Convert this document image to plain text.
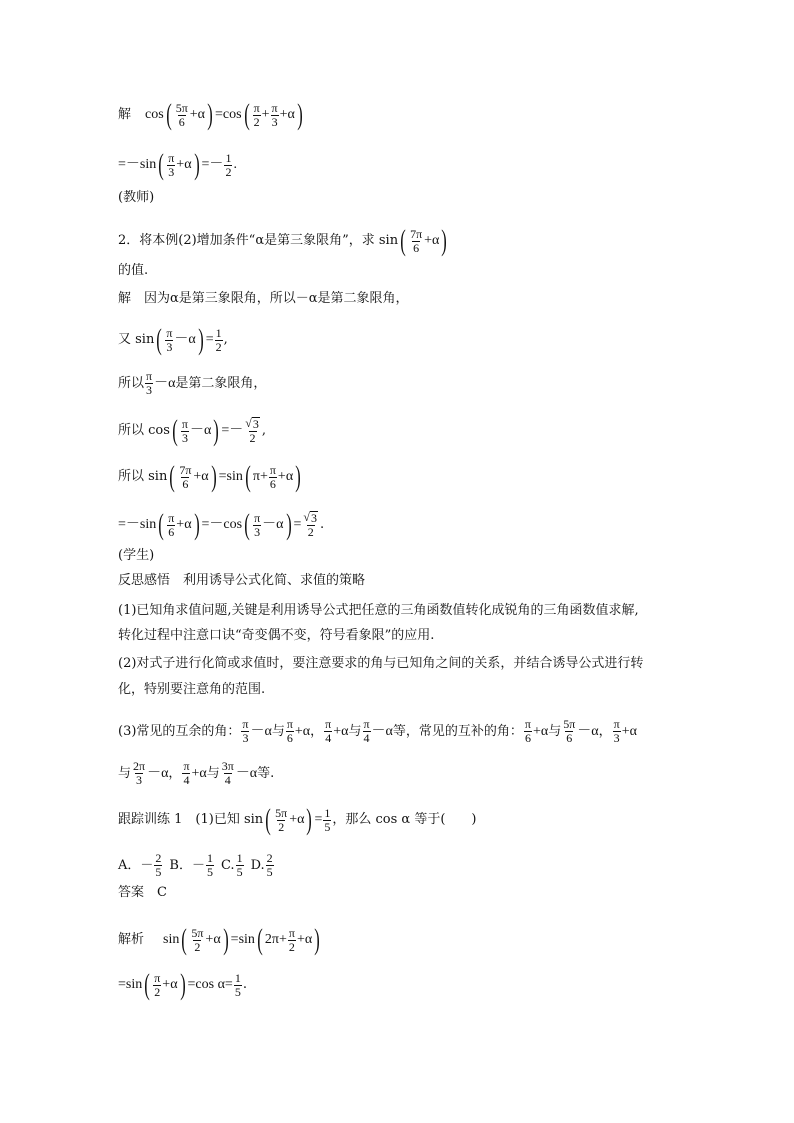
解 cos ( $\frac{5\pi}{6} +\alpha$ ) = cos ( $\frac{\pi}{2} + \frac{\pi}{3} +\alpha$ )
=－sin ( $\frac{\pi}{3} +\alpha$ ) =－ $\frac{1}{2}$ .
(教师)
2．将本例(2)增加条件“α是第三象限角”，求 sin ( $\frac{7\pi}{6} +\alpha$ )
的值.
解　因为α是第三象限角，所以－α是第二象限角，
又 sin ( $\frac{\pi}{3} -\alpha$ ) = $\frac{1}{2}$ ,
所以 $\frac{\pi}{3} -\alpha$ 是第二象限角，
所以 cos ( $\frac{\pi}{3} -\alpha$ ) =－ $\frac{√ 3}{2}$ ,
所以 sin ( $\frac{7\pi}{6} +\alpha$ ) = sin ( $\pi+ \frac{\pi}{6} +\alpha$ )
=－sin ( $\frac{\pi}{6} +\alpha$ ) =－cos ( $\frac{\pi}{3} -\alpha$ ) = $\frac{√ 3}{2}$ .
(学生)
反思感悟　利用诱导公式化简、求值的策略
(1)已知角求值问题,关键是利用诱导公式把任意的三角函数值转化成锐角的三角函数值求解,
转化过程中注意口诀“奇变偶不变，符号看象限”的应用.
(2)对式子进行化简或求值时，要注意要求的角与已知角之间的关系，并结合诱导公式进行转
化，特别要注意角的范围.
(3)常见的互余的角： $\frac{\pi}{3} -\alpha$ 与 $\frac{\pi}{6} +\alpha$ ， $\frac{\pi}{4} +\alpha$ 与 $\frac{\pi}{4} -\alpha$ 等 ，常见的互补的角： $\frac{\pi}{6} +\alpha$ 与 $\frac{5\pi}{6} -\alpha$ ， $\frac{\pi}{3} +\alpha$
与 $\frac{2\pi}{3} -\alpha$ ， $\frac{\pi}{4} +\alpha$ 与 $\frac{3\pi}{4} -\alpha$ 等 .
跟踪训练 1　(1)已知 sin ( $\frac{5\pi}{2} +\alpha$ ) = $\frac{1}{5}$ ，那么 cos α 等于(　　)
A．－ $\frac{2}{5}$ B．－ $\frac{1}{5} C$. $\frac{1}{5} D$. $\frac{2}{5}$
答案　C
解析　 sin ( $\frac{5\pi}{2} +\alpha$ ) = sin ( $2\pi+ \frac{\pi}{2} +\alpha$ )
=sin ( $\frac{\pi}{2} +\alpha$ ) =cos $\alpha= \frac{1}{5}$ .
